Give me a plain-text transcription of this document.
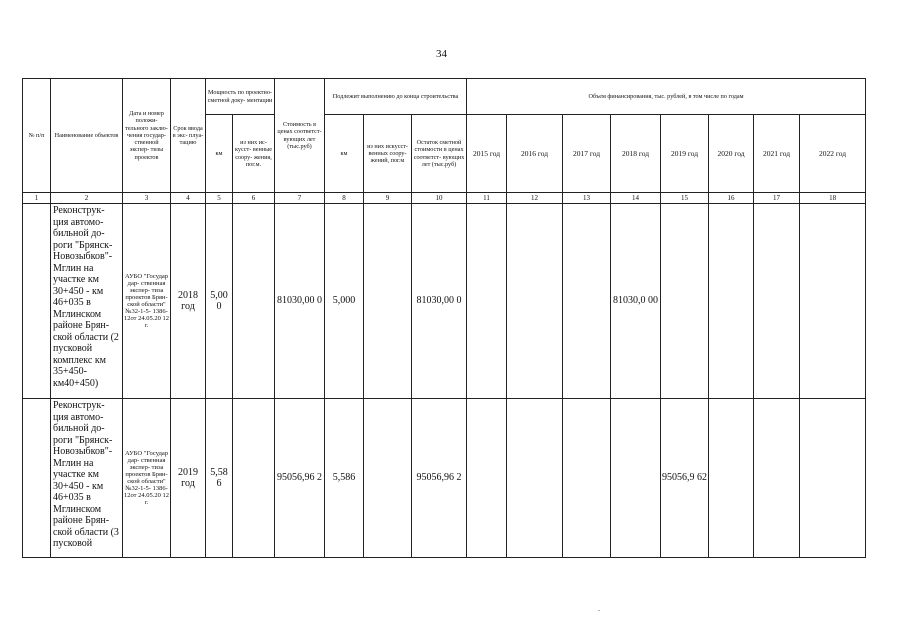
34
№ п/п	Наименование объектов	Дата и номер положи- тельного заклю- чения государ- ственной экспер- тизы проектов	Срок ввода в экс- плуа- тацию	Мощность по проектно- сметной доку- ментации		Стоимость в ценах соответст- вующих лет (тыс.руб)	Подлежит выполнению до конца строительства			Объем финансирования, тыс. рублей, в том числе по годам							
				км	из них ис- кусст- венные соору- жения, пог.м.		км	из них искусст- венных соору- жений, пог.м	Остаток сметной стоимости в ценах соответст- вующих лет (тыс.руб)	2015 год	2016 год	2017 год	2018 год	2019 год	2020 год	2021 год	2022 год
1	2	3	4	5	6	7	8	9	10	11	12	13	14	15	16	17	18
	Реконструк- ция автомо- бильной до- роги "Брянск- Новозыбков"- Мглин на участке км 30+450 - км 46+035 в Мглинском районе Брян- ской области (2 пусковой комплекс км 35+450- км40+450)	АУБО "Государ дар- ственная экспер- тиза проектов Брян- ской области" №32-1-5- 1386- 12от 24.05.20 12 г.	2018 год	5,00 0		81030,00 0	5,000		81030,00 0				81030,0 00				

	Реконструк- ция автомо- бильной до- роги "Брянск- Новозыбков"- Мглин на участке км 30+450 - км 46+035 в Мглинском районе Брян- ской области (3 пусковой	АУБО "Государ дар- ственная экспер- тиза проектов Брян- ской области" №32-1-5- 1386- 12от 24.05.20 12 г.	2019 год	5,58 6		95056,96 2	5,586		95056,96 2					95056,9 62			
.
